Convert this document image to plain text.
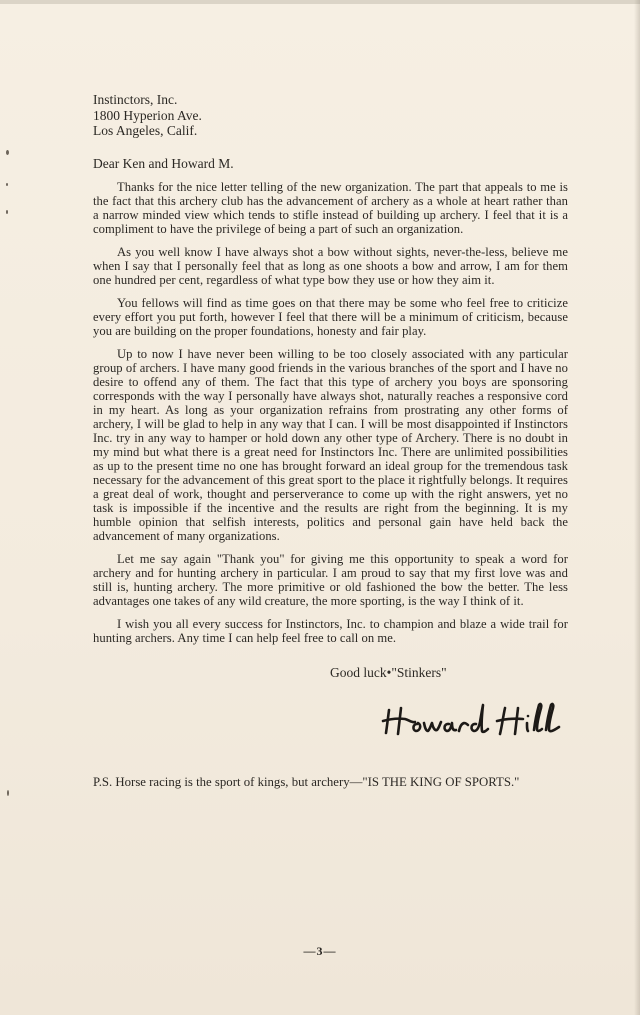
Instinctors, Inc.
1800 Hyperion Ave.
Los Angeles, Calif.
Dear Ken and Howard M.

Thanks for the nice letter telling of the new organization. The part that appeals to me is the fact that this archery club has the advancement of archery as a whole at heart rather than a narrow minded view which tends to stifle instead of building up archery. I feel that it is a compliment to have the privilege of being a part of such an organization.

As you well know I have always shot a bow without sights, never-the-less, believe me when I say that I personally feel that as long as one shoots a bow and arrow, I am for them one hundred per cent, regardless of what type bow they use or how they aim it.

You fellows will find as time goes on that there may be some who feel free to criticize every effort you put forth, however I feel that there will be a minimum of criticism, because you are building on the proper foundations, honesty and fair play.

Up to now I have never been willing to be too closely associated with any particular group of archers. I have many good friends in the various branches of the sport and I have no desire to offend any of them. The fact that this type of archery you boys are sponsoring corresponds with the way I personally have always shot, naturally reaches a responsive cord in my heart. As long as your organization refrains from prostrating any other forms of archery, I will be glad to help in any way that I can. I will be most disappointed if Instinctors Inc. try in any way to hamper or hold down any other type of Archery. There is no doubt in my mind but what there is a great need for Instinctors Inc. There are unlimited possibilities as up to the present time no one has brought forward an ideal group for the tremendous task necessary for the advancement of this great sport to the place it rightfully belongs. It requires a great deal of work, thought and perserverance to come up with the right answers, yet no task is impossible if the incentive and the results are right from the beginning. It is my humble opinion that selfish interests, politics and personal gain have held back the advancement of many organizations.

Let me say again "Thank you" for giving me this opportunity to speak a word for archery and for hunting archery in particular. I am proud to say that my first love was and still is, hunting archery. The more primitive or old fashioned the bow the better. The less advantages one takes of any wild creature, the more sporting, is the way I think of it.

I wish you all every success for Instinctors, Inc. to champion and blaze a wide trail for hunting archers. Any time I can help feel free to call on me.

Good luck•"Stinkers"

P.S. Horse racing is the sport of kings, but archery—"IS THE KING OF SPORTS."

—3—
